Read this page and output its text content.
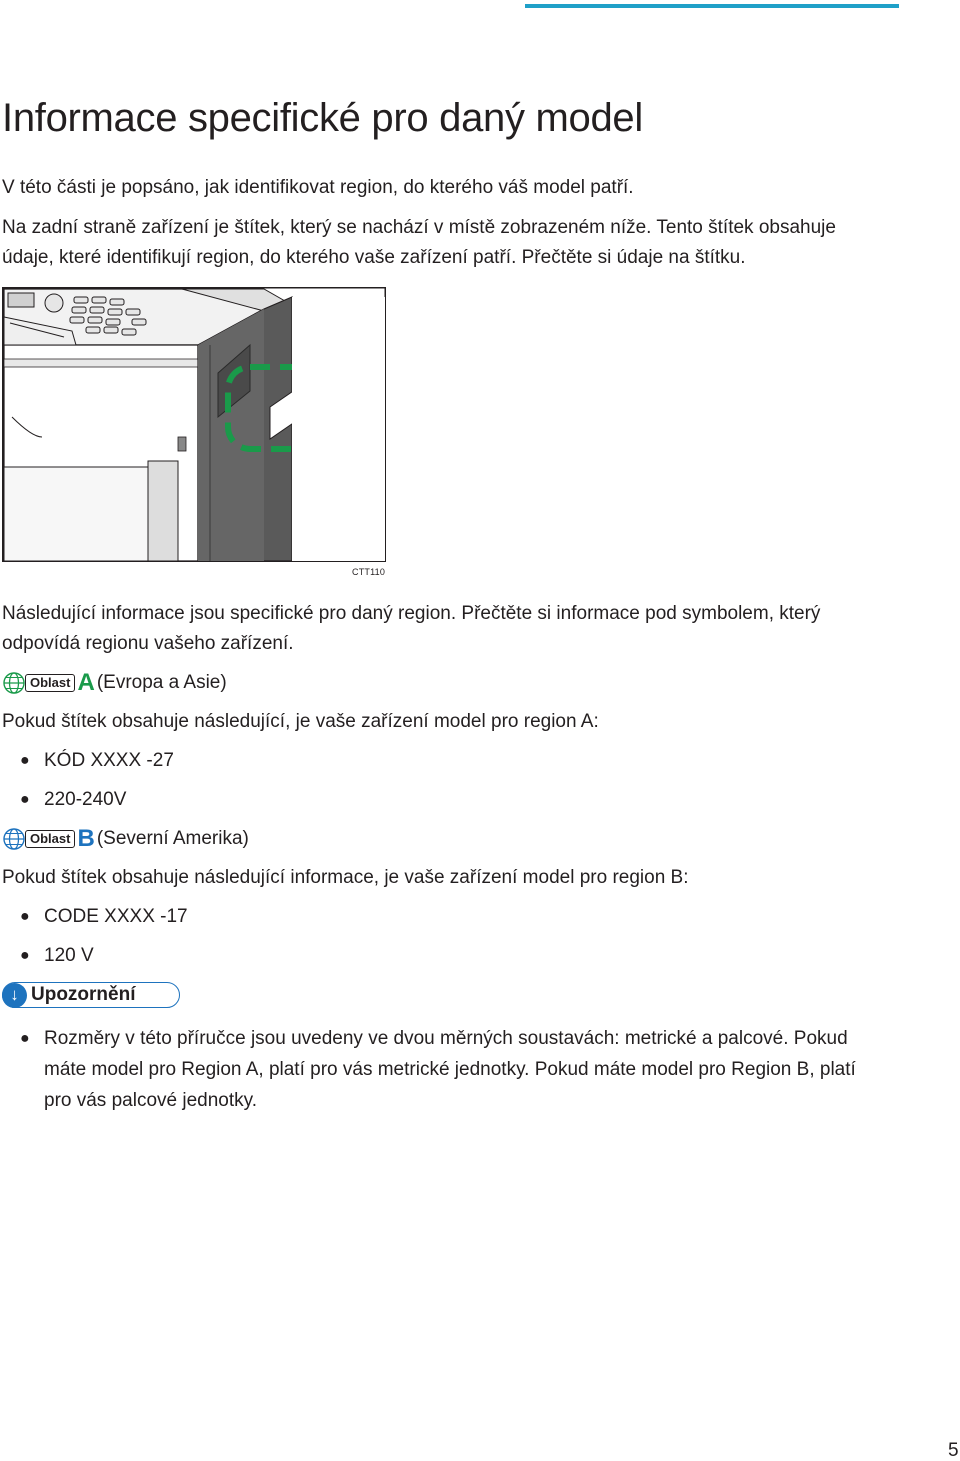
Informace specifické pro daný model
V této části je popsáno, jak identifikovat region, do kterého váš model patří.
Na zadní straně zařízení je štítek, který se nachází v místě zobrazeném níže. Tento štítek obsahuje
údaje, které identifikují region, do kterého vaše zařízení patří. Přečtěte si údaje na štítku.
CTT110
Následující informace jsou specifické pro daný region. Přečtěte si informace pod symbolem, který
odpovídá regionu vašeho zařízení.
Oblast A (Evropa a Asie)
Pokud štítek obsahuje následující, je vaše zařízení model pro region A:
● KÓD XXXX -27
● 220-240V
Oblast B (Severní Amerika)
Pokud štítek obsahuje následující informace, je vaše zařízení model pro region B:
● CODE XXXX -17
● 120 V
↓ Upozornění
● Rozměry v této příručce jsou uvedeny ve dvou měrných soustavách: metrické a palcové. Pokud
máte model pro Region A, platí pro vás metrické jednotky. Pokud máte model pro Region B, platí
pro vás palcové jednotky.
5
